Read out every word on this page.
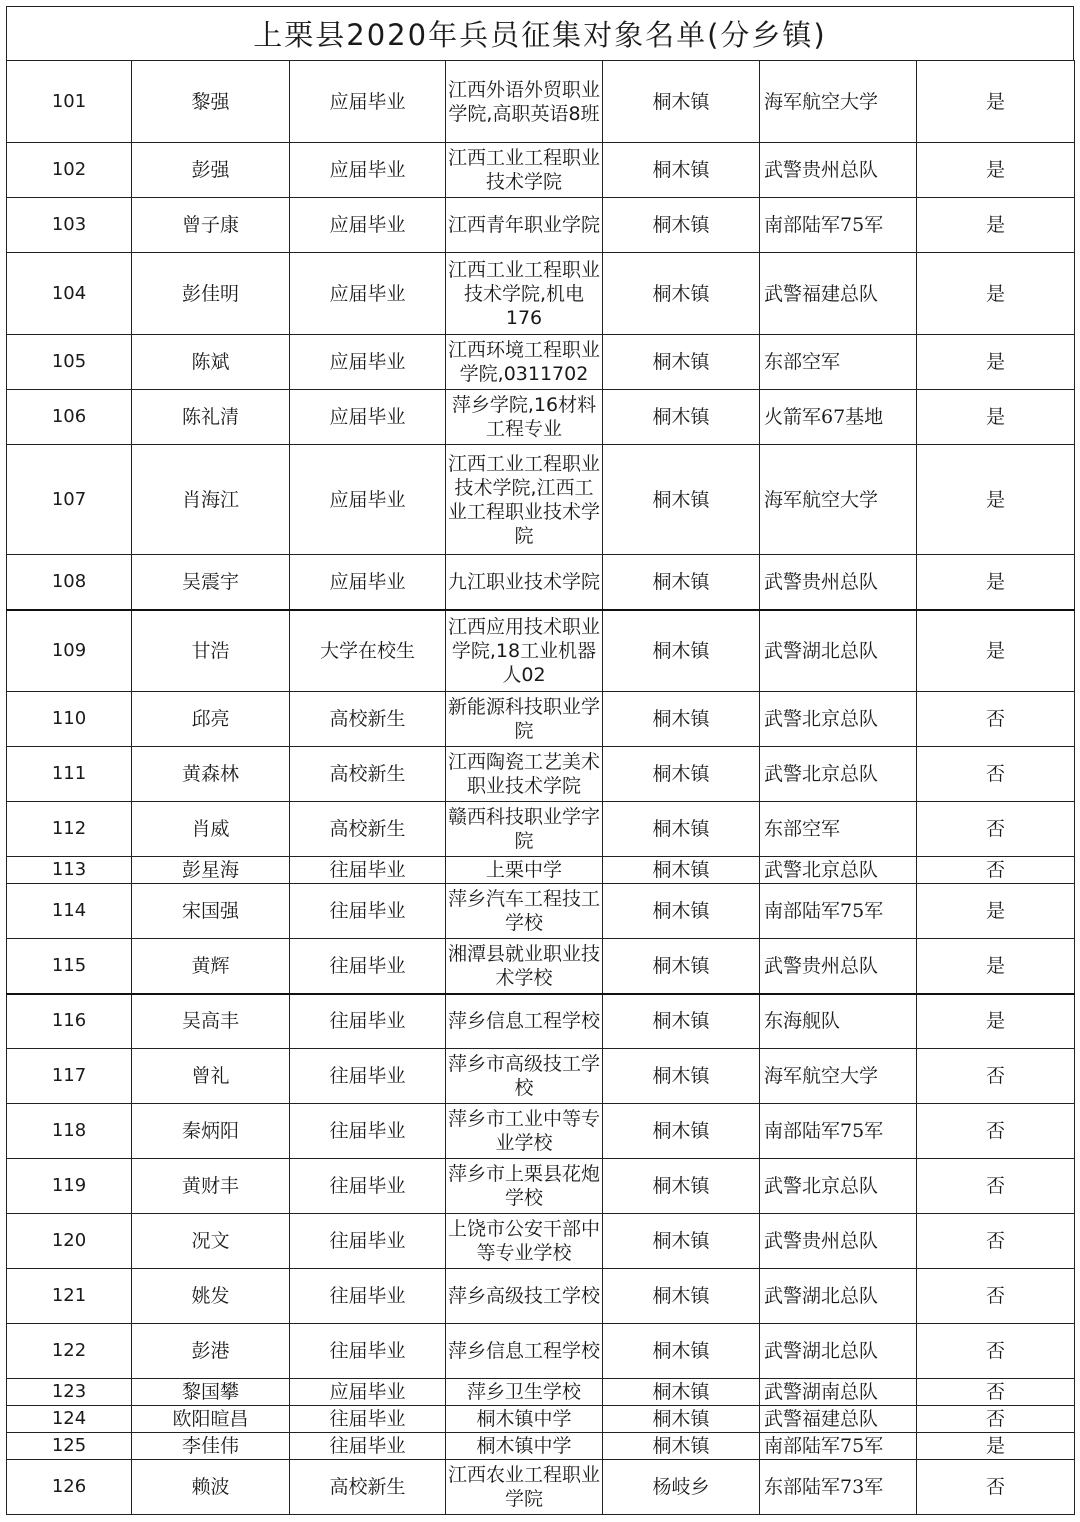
上栗县2020年兵员征集对象名单(分乡镇)
101	黎强	应届毕业	江西外语外贸职业学院,高职英语8班	桐木镇	海军航空大学	是
102	彭强	应届毕业	江西工业工程职业技术学院	桐木镇	武警贵州总队	是
103	曾子康	应届毕业	江西青年职业学院	桐木镇	南部陆军75军	是
104	彭佳明	应届毕业	江西工业工程职业技术学院,机电176	桐木镇	武警福建总队	是
105	陈斌	应届毕业	江西环境工程职业学院,0311702	桐木镇	东部空军	是
106	陈礼清	应届毕业	萍乡学院,16材料工程专业	桐木镇	火箭军67基地	是
107	肖海江	应届毕业	江西工业工程职业技术学院,江西工业工程职业技术学院	桐木镇	海军航空大学	是
108	吴震宇	应届毕业	九江职业技术学院	桐木镇	武警贵州总队	是
109	甘浩	大学在校生	江西应用技术职业学院,18工业机器人02	桐木镇	武警湖北总队	是
110	邱亮	高校新生	新能源科技职业学院	桐木镇	武警北京总队	否
111	黄森林	高校新生	江西陶瓷工艺美术职业技术学院	桐木镇	武警北京总队	否
112	肖威	高校新生	赣西科技职业学字院	桐木镇	东部空军	否
113	彭星海	往届毕业	上栗中学	桐木镇	武警北京总队	否
114	宋国强	往届毕业	萍乡汽车工程技工学校	桐木镇	南部陆军75军	是
115	黄辉	往届毕业	湘潭县就业职业技术学校	桐木镇	武警贵州总队	是
116	吴高丰	往届毕业	萍乡信息工程学校	桐木镇	东海舰队	是
117	曾礼	往届毕业	萍乡市高级技工学校	桐木镇	海军航空大学	否
118	秦炳阳	往届毕业	萍乡市工业中等专业学校	桐木镇	南部陆军75军	否
119	黄财丰	往届毕业	萍乡市上栗县花炮学校	桐木镇	武警北京总队	否
120	况文	往届毕业	上饶市公安干部中等专业学校	桐木镇	武警贵州总队	否
121	姚发	往届毕业	萍乡高级技工学校	桐木镇	武警湖北总队	否
122	彭港	往届毕业	萍乡信息工程学校	桐木镇	武警湖北总队	否
123	黎国攀	应届毕业	萍乡卫生学校	桐木镇	武警湖南总队	否
124	欧阳暄昌	往届毕业	桐木镇中学	桐木镇	武警福建总队	否
125	李佳伟	往届毕业	桐木镇中学	桐木镇	南部陆军75军	是
126	赖波	高校新生	江西农业工程职业学院	杨岐乡	东部陆军73军	否
